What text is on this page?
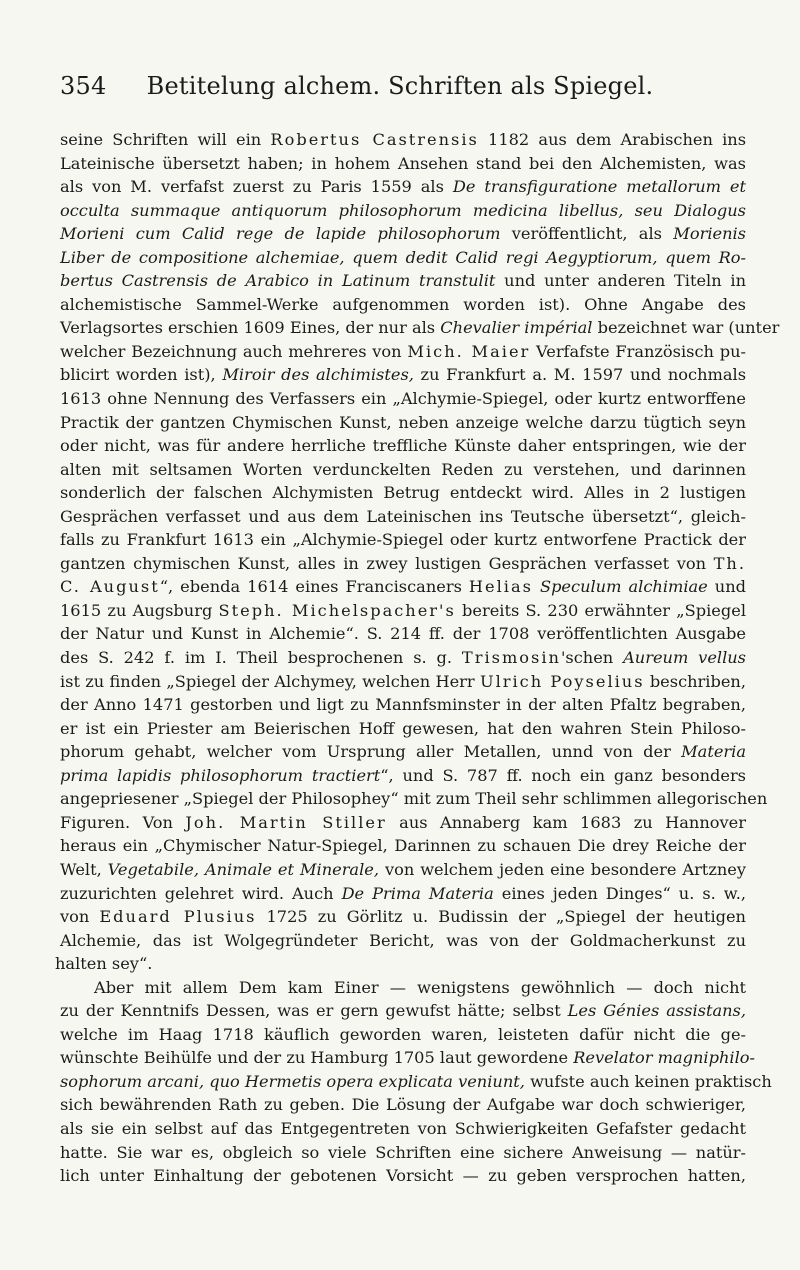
354	Betitelung alchem. Schriften als Spiegel.
seine Schriften will ein Robertus Castrensis 1182 aus dem Arabischen ins
Lateinische übersetzt haben; in hohem Ansehen stand bei den Alchemisten, was
als von M. verfafst zuerst zu Paris 1559 als De transfiguratione metallorum et
occulta summaque antiquorum philosophorum medicina libellus, seu Dialogus
Morieni cum Calid rege de lapide philosophorum veröffentlicht, als Morienis
Liber de compositione alchemiae, quem dedit Calid regi Aegyptiorum, quem Ro-
bertus Castrensis de Arabico in Latinum transtulit und unter anderen Titeln in
alchemistische Sammel-Werke aufgenommen worden ist). Ohne Angabe des
Verlagsortes erschien 1609 Eines, der nur als Chevalier impérial bezeichnet war (unter
welcher Bezeichnung auch mehreres von Mich. Maier Verfafste Französisch pu-
blicirt worden ist), Miroir des alchimistes, zu Frankfurt a. M. 1597 und nochmals
1613 ohne Nennung des Verfassers ein „Alchymie-Spiegel, oder kurtz entworffene
Practik der gantzen Chymischen Kunst, neben anzeige welche darzu tügtich seyn
oder nicht, was für andere herrliche treffliche Künste daher entspringen, wie der
alten mit seltsamen Worten verdunckelten Reden zu verstehen, und darinnen
sonderlich der falschen Alchymisten Betrug entdeckt wird. Alles in 2 lustigen
Gesprächen verfasset und aus dem Lateinischen ins Teutsche übersetzt“, gleich-
falls zu Frankfurt 1613 ein „Alchymie-Spiegel oder kurtz entworfene Practick der
gantzen chymischen Kunst, alles in zwey lustigen Gesprächen verfasset von Th.
C. August“, ebenda 1614 eines Franciscaners Helias Speculum alchimiae und
1615 zu Augsburg Steph. Michelspacher's bereits S. 230 erwähnter „Spiegel
der Natur und Kunst in Alchemie“. S. 214 ff. der 1708 veröffentlichten Ausgabe
des S. 242 f. im I. Theil besprochenen s. g. Trismosin'schen Aureum vellus
ist zu finden „Spiegel der Alchymey, welchen Herr Ulrich Poyselius beschriben,
der Anno 1471 gestorben und ligt zu Mannfsminster in der alten Pfaltz begraben,
er ist ein Priester am Beierischen Hoff gewesen, hat den wahren Stein Philoso-
phorum gehabt, welcher vom Ursprung aller Metallen, unnd von der Materia
prima lapidis philosophorum tractiert“, und S. 787 ff. noch ein ganz besonders
angepriesener „Spiegel der Philosophey“ mit zum Theil sehr schlimmen allegorischen
Figuren. Von Joh. Martin Stiller aus Annaberg kam 1683 zu Hannover
heraus ein „Chymischer Natur-Spiegel, Darinnen zu schauen Die drey Reiche der
Welt, Vegetabile, Animale et Minerale, von welchem jeden eine besondere Artzney
zuzurichten gelehret wird. Auch De Prima Materia eines jeden Dinges“ u. s. w.,
von Eduard Plusius 1725 zu Görlitz u. Budissin der „Spiegel der heutigen
Alchemie, das ist Wolgegründeter Bericht, was von der Goldmacherkunst zu
halten sey“.
Aber mit allem Dem kam Einer — wenigstens gewöhnlich — doch nicht
zu der Kenntnifs Dessen, was er gern gewufst hätte; selbst Les Génies assistans,
welche im Haag 1718 käuflich geworden waren, leisteten dafür nicht die ge-
wünschte Beihülfe und der zu Hamburg 1705 laut gewordene Revelator magniphilo-
sophorum arcani, quo Hermetis opera explicata veniunt, wufste auch keinen praktisch
sich bewährenden Rath zu geben. Die Lösung der Aufgabe war doch schwieriger,
als sie ein selbst auf das Entgegentreten von Schwierigkeiten Gefafster gedacht
hatte. Sie war es, obgleich so viele Schriften eine sichere Anweisung — natür-
lich unter Einhaltung der gebotenen Vorsicht — zu geben versprochen hatten,
